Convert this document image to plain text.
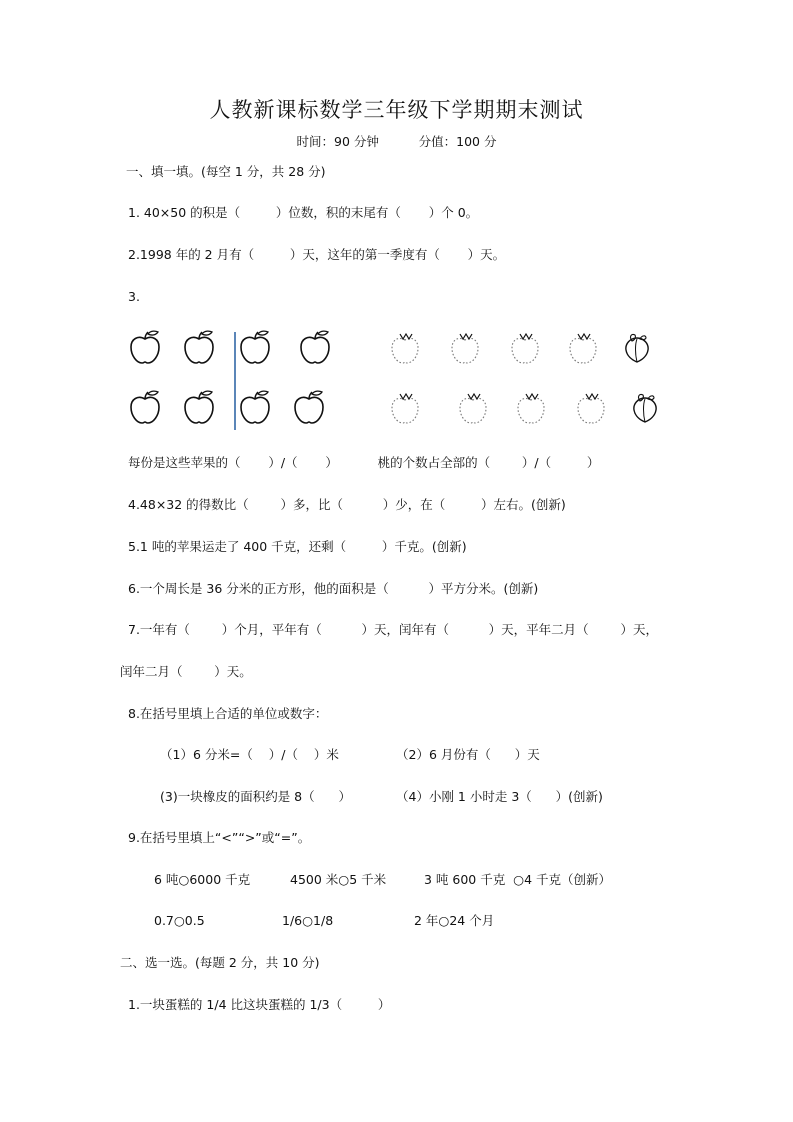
人教新课标数学三年级下学期期末测试
时间：90 分钟          分值：100 分
一、填一填。(每空 1 分，共 28 分)
1. 40×50 的积是（         ）位数，积的末尾有（       ）个 0。
2.1998 年的 2 月有（         ）天，这年的第一季度有（       ）天。
3.
每份是这些苹果的（       ）/（       ）          桃的个数占全部的（        ）/（         ）
4.48×32 的得数比（        ）多，比（          ）少，在（         ）左右。(创新)
5.1 吨的苹果运走了 400 千克，还剩（         ）千克。(创新)
6.一个周长是 36 分米的正方形，他的面积是（          ）平方分米。(创新)
7.一年有（        ）个月，平年有（          ）天，闰年有（          ）天，平年二月（        ）天，
闰年二月（        ）天。
8.在括号里填上合适的单位或数字：
（1）6 分米=（    ）/（    ）米	（2）6 月份有（      ）天
(3)一块橡皮的面积约是 8（      ）	（4）小刚 1 小时走 3（      ）(创新)
9.在括号里填上“<”“>”或“=”。
6 吨○6000 千克	4500 米○5 千米	3 吨 600 千克  ○4 千克（创新）
0.7○0.5	1/6○1/8	2 年○24 个月
二、选一选。(每题 2 分，共 10 分)
1.一块蛋糕的 1/4 比这块蛋糕的 1/3（         ）
